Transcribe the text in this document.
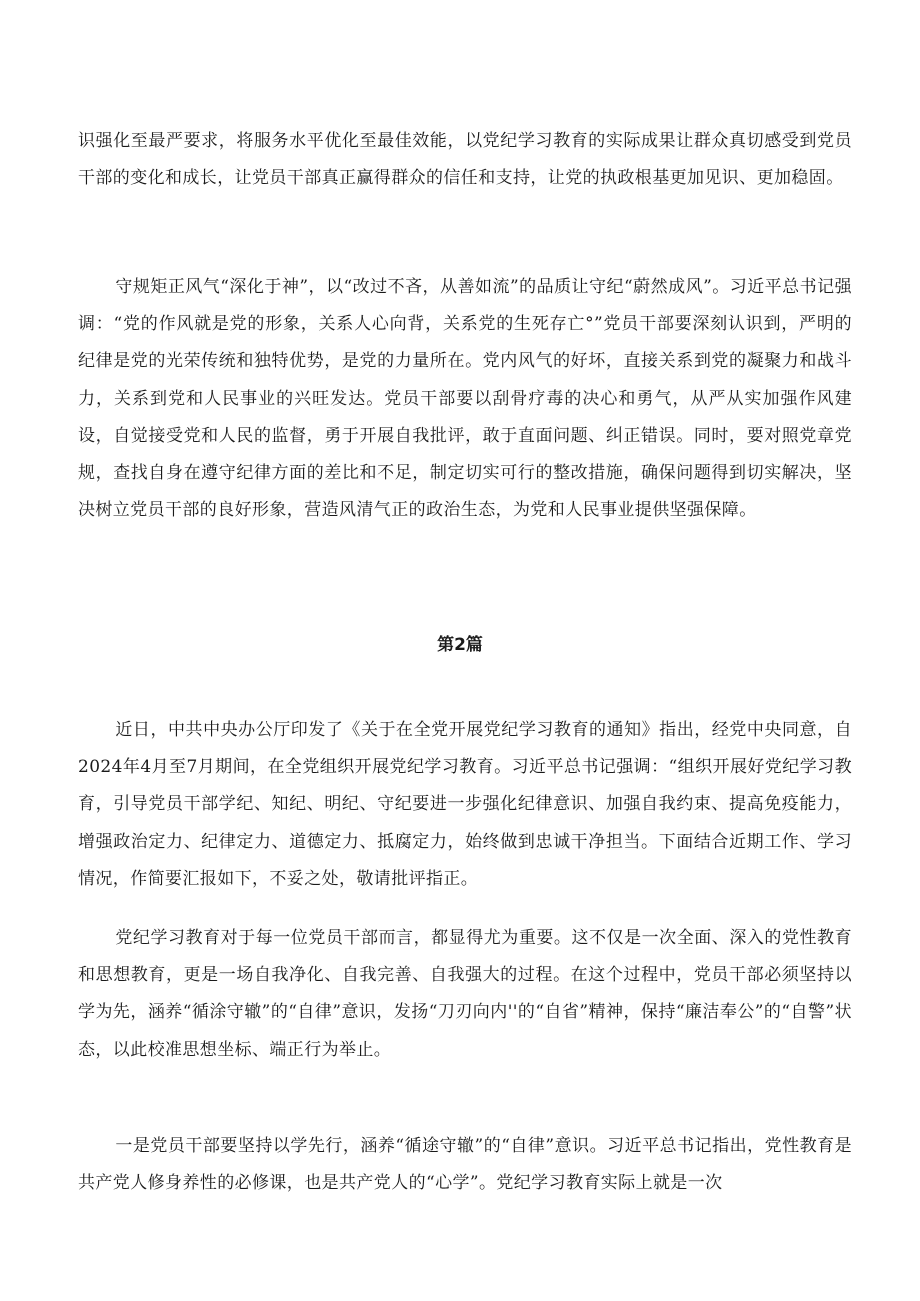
识强化至最严要求，将服务水平优化至最佳效能，以党纪学习教育的实际成果让群众真切感受到党员干部的变化和成长，让党员干部真正赢得群众的信任和支持，让党的执政根基更加见识、更加稳固。

守规矩正风气“深化于神”，以“改过不吝，从善如流”的品质让守纪“蔚然成风”。习近平总书记强调：“党的作风就是党的形象，关系人心向背，关系党的生死存亡°”党员干部要深刻认识到，严明的纪律是党的光荣传统和独特优势，是党的力量所在。党内风气的好坏，直接关系到党的凝聚力和战斗力，关系到党和人民事业的兴旺发达。党员干部要以刮骨疗毒的决心和勇气，从严从实加强作风建设，自觉接受党和人民的监督，勇于开展自我批评，敢于直面问题、纠正错误。同时，要对照党章党规，查找自身在遵守纪律方面的差比和不足，制定切实可行的整改措施，确保问题得到切实解决，坚决树立党员干部的良好形象，营造风清气正的政治生态，为党和人民事业提供坚强保障。

第2篇

近日，中共中央办公厅印发了《关于在全党开展党纪学习教育的通知》指出，经党中央同意，自2024年4月至7月期间，在全党组织开展党纪学习教育。习近平总书记强调：“组织开展好党纪学习教育，引导党员干部学纪、知纪、明纪、守纪要进一步强化纪律意识、加强自我约束、提高免疫能力，增强政治定力、纪律定力、道德定力、抵腐定力，始终做到忠诚干净担当。下面结合近期工作、学习情况，作简要汇报如下，不妥之处，敬请批评指正。

党纪学习教育对于每一位党员干部而言，都显得尤为重要。这不仅是一次全面、深入的党性教育和思想教育，更是一场自我净化、自我完善、自我强大的过程。在这个过程中，党员干部必须坚持以学为先，涵养“循涂守辙”的“自律”意识，发扬“刀刃向内''的“自省”精神，保持“廉洁奉公”的“自警”状态，以此校准思想坐标、端正行为举止。

一是党员干部要坚持以学先行，涵养“循途守辙”的“自律”意识。习近平总书记指出，党性教育是共产党人修身养性的必修课，也是共产党人的“心学”。党纪学习教育实际上就是一次
